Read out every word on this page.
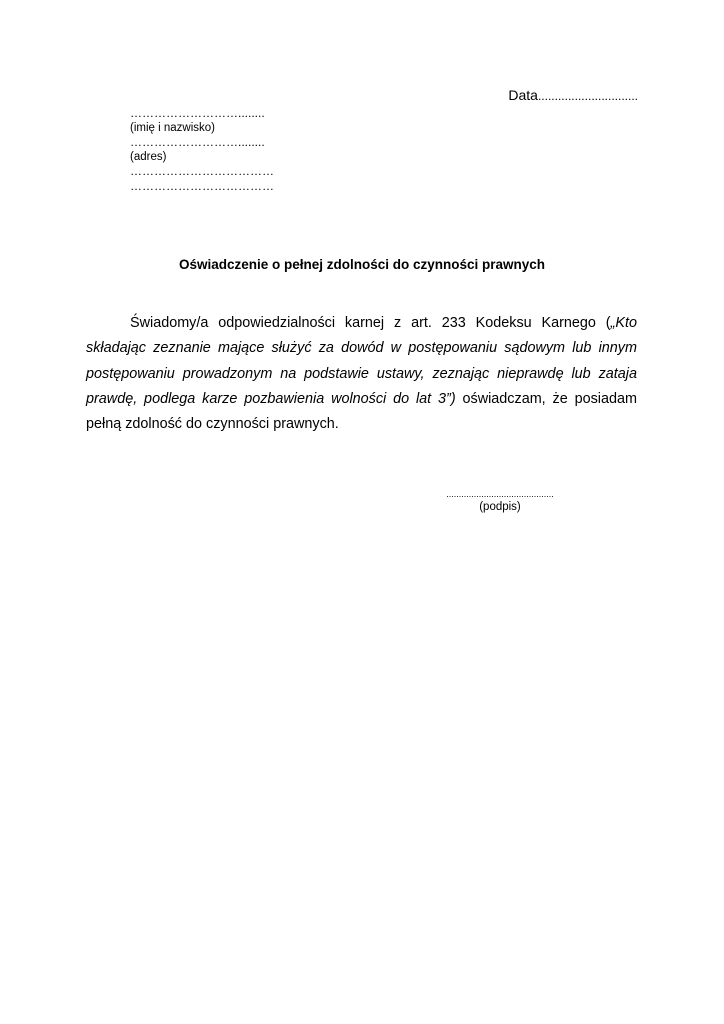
Data..............................
………………………........
(imię i nazwisko)
………………………........
(adres)
………………………………
………………………………
Oświadczenie o pełnej zdolności do czynności prawnych
Świadomy/a odpowiedzialności karnej z art. 233 Kodeksu Karnego („Kto składając zeznanie mające służyć za dowód w postępowaniu sądowym lub innym postępowaniu prowadzonym na podstawie ustawy, zeznając nieprawdę lub zataja prawdę, podlega karze pozbawienia wolności do lat 3”) oświadczam, że posiadam pełną zdolność do czynności prawnych.
...........................................
(podpis)
